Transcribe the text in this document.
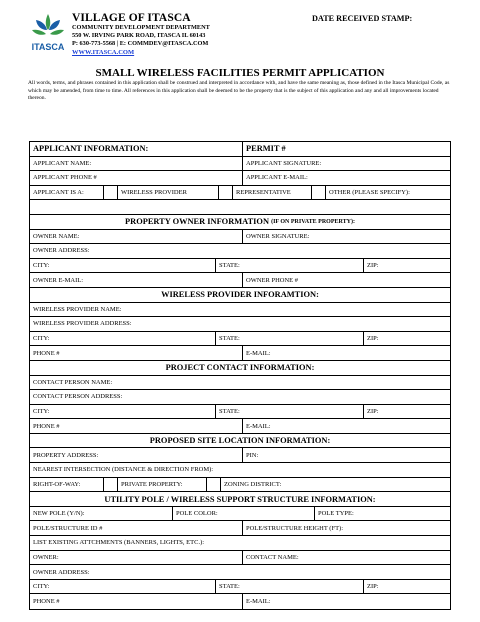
ITASCA
VILLAGE OF ITASCA
COMMUNITY DEVELOPMENT DEPARTMENT
550 W. IRVING PARK ROAD, ITASCA IL 60143
P: 630-773-5568 | E: COMMDEV@ITASCA.COM
WWW.ITASCA.COM
DATE RECEIVED STAMP:
SMALL WIRELESS FACILITIES PERMIT APPLICATION
All words, terms, and phrases contained in this application shall be construed and interpreted in accordance with, and have the same meaning as, those defined in the Itasca Municipal Code, as which may be amended, from time to time. All references in this application shall be deemed to be the property that is the subject of this application and any and all improvements located thereon.
APPLICANT INFORMATION:	PERMIT #
APPLICANT NAME:	APPLICANT SIGNATURE:
APPLICANT PHONE #	APPLICANT E-MAIL:
APPLICANT IS A:	WIRELESS PROVIDER	REPRESENTATIVE	OTHER (PLEASE SPECIFY):
PROPERTY OWNER INFORMATION
(IF ON PRIVATE PROPERTY):
OWNER NAME:	OWNER SIGNATURE:
OWNER ADDRESS:
CITY:	STATE:	ZIP:
OWNER E-MAIL:	OWNER PHONE #
WIRELESS PROVIDER INFORAMTION:
WIRELESS PROVIDER NAME:
WIRELESS PROVIDER ADDRESS:
CITY:	STATE:	ZIP:
PHONE #	E-MAIL:
PROJECT CONTACT INFORMATION:
CONTACT PERSON NAME:
CONTACT PERSON ADDRESS:
CITY:	STATE:	ZIP:
PHONE #	E-MAIL:
PROPOSED SITE LOCATION INFORMATION:
PROPERTY ADDRESS:	PIN:
NEAREST INTERSECTION (DISTANCE & DIRECTION FROM):
RIGHT-OF-WAY:	PRIVATE PROPERTY:	ZONING DISTRICT:
UTILITY POLE / WIRELESS SUPPORT STRUCTURE INFORMATION:
NEW POLE (Y/N):	POLE COLOR:	POLE TYPE:
POLE/STRUCTURE ID #	POLE/STRUCTURE HEIGHT (FT):
LIST EXISTING ATTCHMENTS (BANNERS, LIGHTS, ETC.):
OWNER:	CONTACT NAME:
OWNER ADDRESS:
CITY:	STATE:	ZIP:
PHONE #	E-MAIL:
